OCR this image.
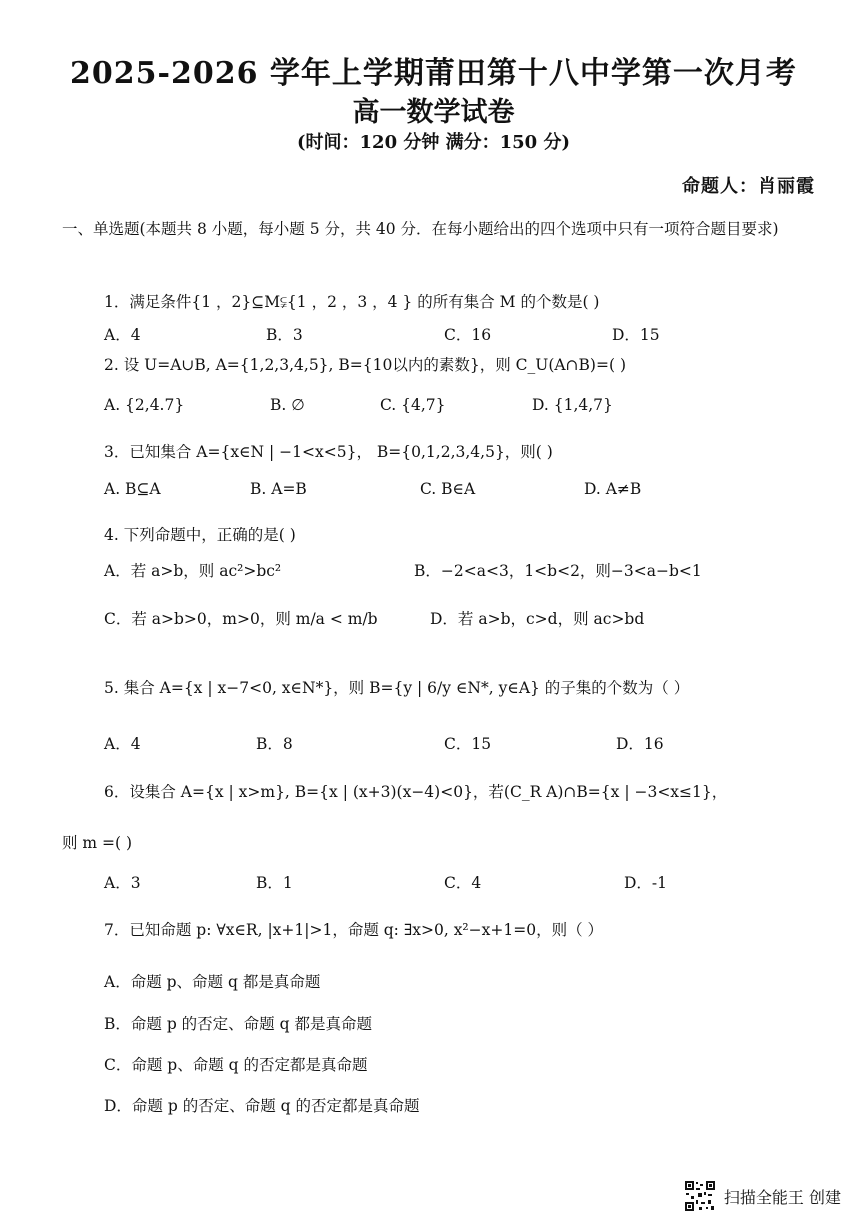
2025-2026 学年上学期莆田第十八中学第一次月考
高一数学试卷
(时间：120 分钟 满分：150 分)
命题人：肖丽霞
一、单选题(本题共 8 小题，每小题 5 分，共 40 分．在每小题给出的四个选项中只有一项符合题目要求)
1．满足条件{1 ，2}⊆M⫋{1 ，2 ，3 ，4 } 的所有集合 M 的个数是( )
A．4	B．3	C．16	D．15
2. 设 U=A∪B, A={1,2,3,4,5}, B={10以内的素数}，则 C_U(A∩B)=( )
A. {2,4.7}	B. ∅	C. {4,7}	D. {1,4,7}
3．已知集合 A={x∈N | −1<x<5}， B={0,1,2,3,4,5}，则( )
A. B⊆A	B. A=B	C. B∈A	D. A≠B
4. 下列命题中，正确的是( )
A．若 a>b，则 ac²>bc²	B．−2<a<3，1<b<2，则−3<a−b<1
C．若 a>b>0，m>0，则 m/a < m/b	D．若 a>b，c>d，则 ac>bd
5. 集合 A={x | x−7<0, x∈N*}，则 B={y | 6/y ∈N*, y∈A} 的子集的个数为（ ）
A．4	B．8	C．15	D．16
6．设集合 A={x | x>m}, B={x | (x+3)(x−4)<0}，若(C_R A)∩B={x | −3<x≤1}，
则 m =( )
A．3	B．1	C．4	D．-1
7．已知命题 p: ∀x∈R, |x+1|>1，命题 q: ∃x>0, x²−x+1=0，则（ ）
A．命题 p、命题 q 都是真命题
B．命题 p 的否定、命题 q 都是真命题
C．命题 p、命题 q 的否定都是真命题
D．命题 p 的否定、命题 q 的否定都是真命题
扫描全能王 创建
